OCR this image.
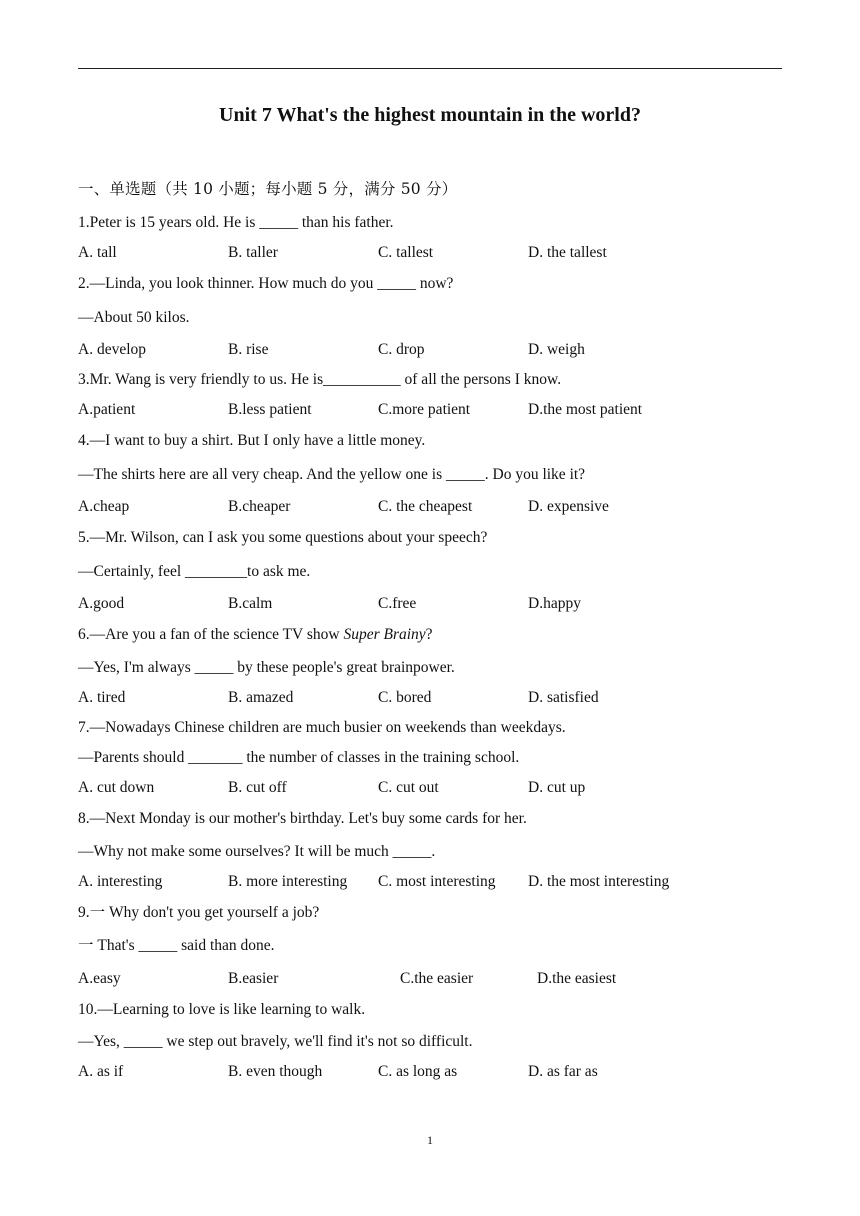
Unit 7 What's the highest mountain in the world?
一、单选题（共 10 小题；每小题 5 分，满分 50 分）
1.Peter is 15 years old. He is _____ than his father.
A. tall	B. taller	C. tallest	D. the tallest
2.—Linda, you look thinner. How much do you _____ now?
—About 50 kilos.
A. develop	B. rise	C. drop	D. weigh
3.Mr. Wang is very friendly to us. He is__________ of all the persons I know.
A.patient	B.less patient	C.more patient	D.the most patient
4.—I want to buy a shirt. But I only have a little money.
—The shirts here are all very cheap. And the yellow one is _____. Do you like it?
A.cheap	B.cheaper	C. the cheapest	D. expensive
5.—Mr. Wilson, can I ask you some questions about your speech?
—Certainly, feel ________to ask me.
A.good	B.calm	C.free	D.happy
6.—Are you a fan of the science TV show Super Brainy?
—Yes, I'm always _____ by these people's great brainpower.
A. tired	B. amazed	C. bored	D. satisfied
7.—Nowadays Chinese children are much busier on weekends than weekdays.
—Parents should _______ the number of classes in the training school.
A. cut down	B. cut off	C. cut out	D. cut up
8.—Next Monday is our mother's birthday. Let's buy some cards for her.
—Why not make some ourselves? It will be much _____.
A. interesting	B. more interesting C. most interesting D. the most interesting
9.一 Why don't you get yourself a job?
一 That's _____ said than done.
A.easy	B.easier	C.the easier	D.the easiest
10.—Learning to love is like learning to walk.
—Yes, _____ we step out bravely, we'll find it's not so difficult.
A. as if	B. even though	C. as long as	D. as far as
1
